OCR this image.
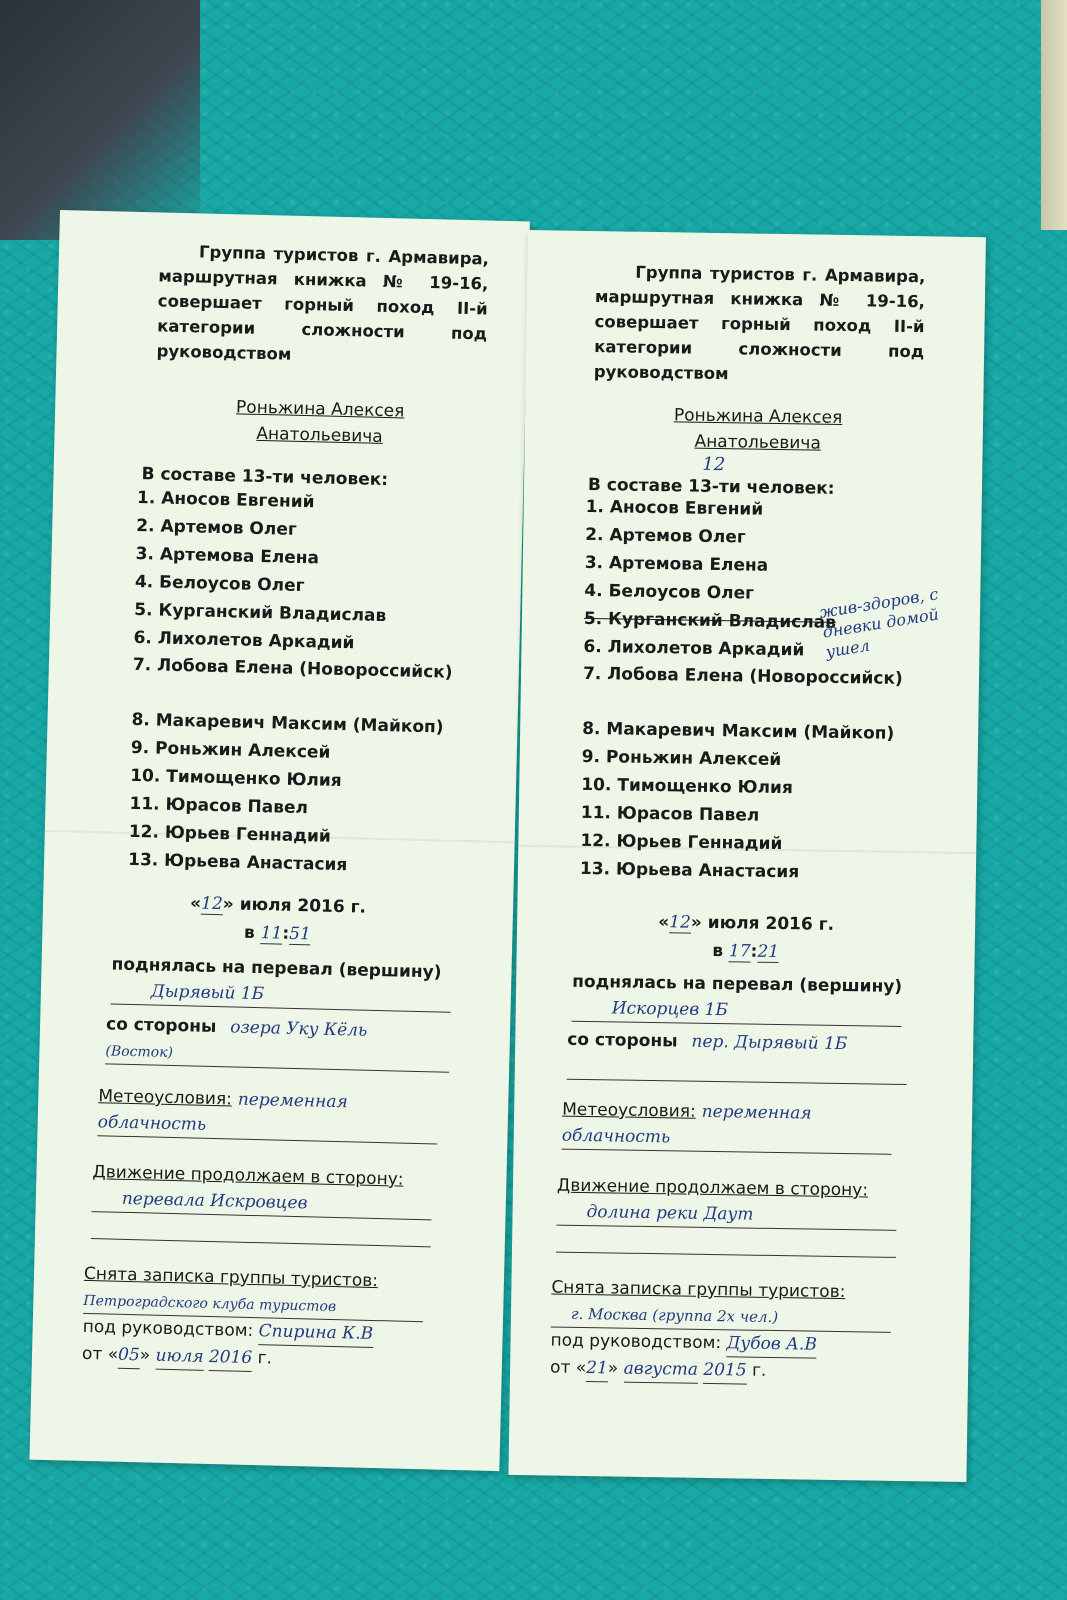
Группа туристов г. Армавира, маршрутная книжка № 19-16, совершает горный поход II-й категории сложности под руководством
Роньжина Алексея
Анатольевича
В составе 13-ти человек:
1. Аносов Евгений
2. Артемов Олег
3. Артемова Елена
4. Белоусов Олег
5. Курганский Владислав
6. Лихолетов Аркадий
7. Лобова Елена (Новороссийск)
8. Макаревич Максим (Майкоп)
9. Роньжин Алексей
10. Тимощенко Юлия
11. Юрасов Павел
12. Юрьев Геннадий
13. Юрьева Анастасия
«12» июля 2016 г.
в 11:51
поднялась на перевал (вершину)
Дырявый 1Б
со стороны озера Уку Кёль
(Восток)
Метеоусловия: переменная
облачность
Движение продолжаем в сторону:
перевала Искровцев
Снята записка группы туристов:
Петроградского клуба туристов
под руководством: Спирина К.В
от «05» июля 2016 г.
Группа туристов г. Армавира, маршрутная книжка № 19-16, совершает горный поход II-й категории сложности под руководством
Роньжина Алексея
Анатольевича
В составе 13-ти человек:
12
1. Аносов Евгений
2. Артемов Олег
3. Артемова Елена
4. Белоусов Олег
5. Курганский Владислав
6. Лихолетов Аркадий
7. Лобова Елена (Новороссийск)
8. Макаревич Максим (Майкоп)
9. Роньжин Алексей
10. Тимощенко Юлия
11. Юрасов Павел
12. Юрьев Геннадий
13. Юрьева Анастасия
жив-здоров, с дневки домой ушел
«12» июля 2016 г.
в 17:21
поднялась на перевал (вершину)
Искорцев 1Б
со стороны пер. Дырявый 1Б
Метеоусловия: переменная
облачность
Движение продолжаем в сторону:
долина реки Даут
Снята записка группы туристов:
г. Москва (группа 2х чел.)
под руководством: Дубов А.В
от «21» августа 2015 г.
